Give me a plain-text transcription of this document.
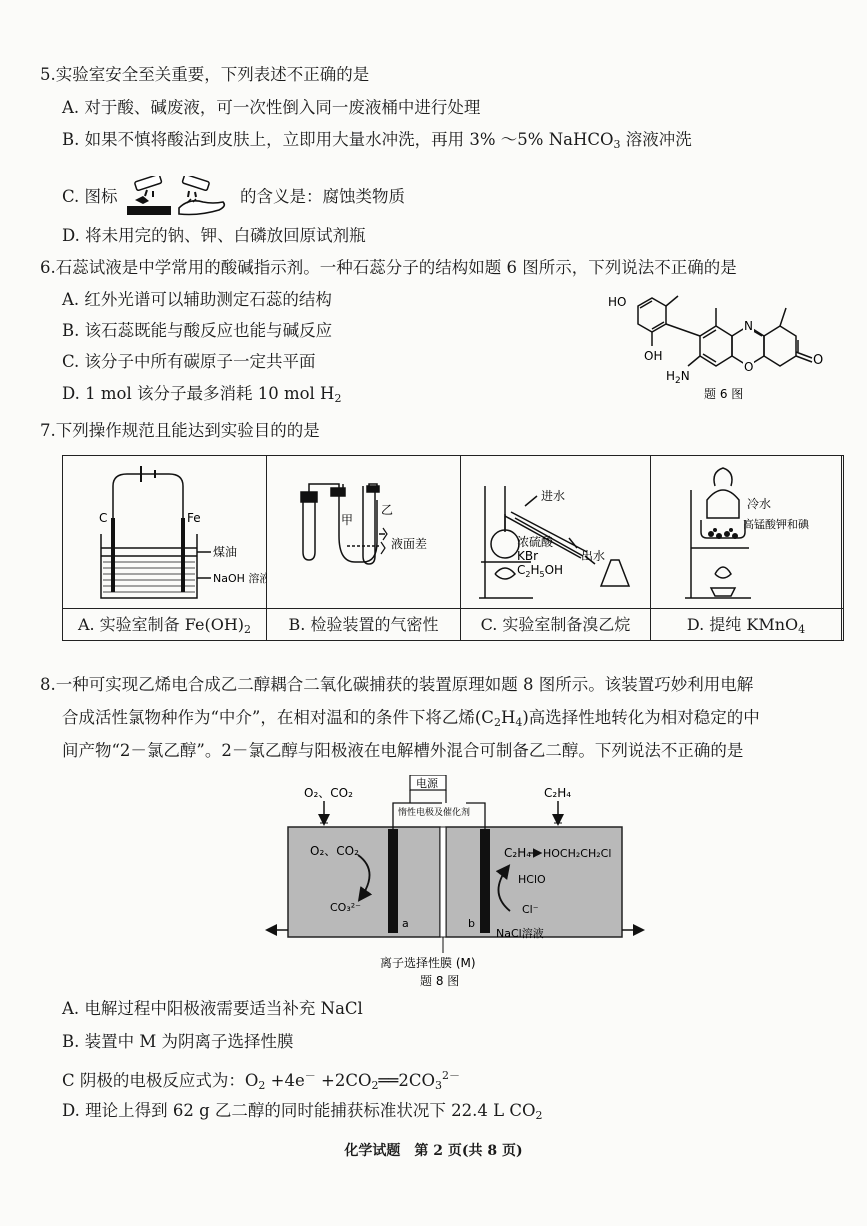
5.实验室安全至关重要，下列表述不正确的是
A. 对于酸、碱废液，可一次性倒入同一废液桶中进行处理
B. 如果不慎将酸沾到皮肤上，立即用大量水冲洗，再用 3% ～5% NaHCO$_3$ 溶液冲洗
C. 图标	的含义是：腐蚀类物质
D. 将未用完的钠、钾、白磷放回原试剂瓶
6.石蕊试液是中学常用的酸碱指示剂。一种石蕊分子的结构如题 6 图所示，下列说法不正确的是
A. 红外光谱可以辅助测定石蕊的结构
B. 该石蕊既能与酸反应也能与碱反应
C. 该分子中所有碳原子一定共平面
D. 1 mol 该分子最多消耗 10 mol $H_2$
HO
OH
$H_2N$
N
O	O
题 6 图
7.下列操作规范且能达到实验目的的是
C	Fe
煤油
NaOH 溶液
A. 实验室制备 $Fe(OH)_2$
甲
乙
液面差
B. 检验装置的气密性
进水
出水
浓硫酸
KBr
$C_2H_5OH$
C. 实验室制备溴乙烷
冷水
高锰酸钾和碘
D. 提纯 KMnO$_4$
8.一种可实现乙烯电合成乙二醇耦合二氧化碳捕获的装置原理如题 8 图所示。该装置巧妙利用电解
合成活性氯物种作为“中介”，在相对温和的条件下将乙烯$(C_2H_4)$高选择性地转化为相对稳定的中
间产物“2－氯乙醇”。2－氯乙醇与阳极液在电解槽外混合可制备乙二醇。下列说法不正确的是
O₂、CO₂	C₂H₄
电源
惰性电极及催化剂
O₂、CO₂
CO₃²⁻
a	b
C₂H₄ HOCH₂CH₂Cl
HClO
Cl⁻
NaCl溶液
离子选择性膜 (M)
题 8 图
A. 电解过程中阳极液需要适当补充 NaCl
B. 装置中 M 为阴离子选择性膜
C 阴极的电极反应式为：$O_2 +4e^-$ $+2CO_2══2CO_3^{2-}$
D. 理论上得到 62 g 乙二醇的同时能捕获标准状况下 22.4 L $CO_2$
化学试题　第 2 页(共 8 页)
